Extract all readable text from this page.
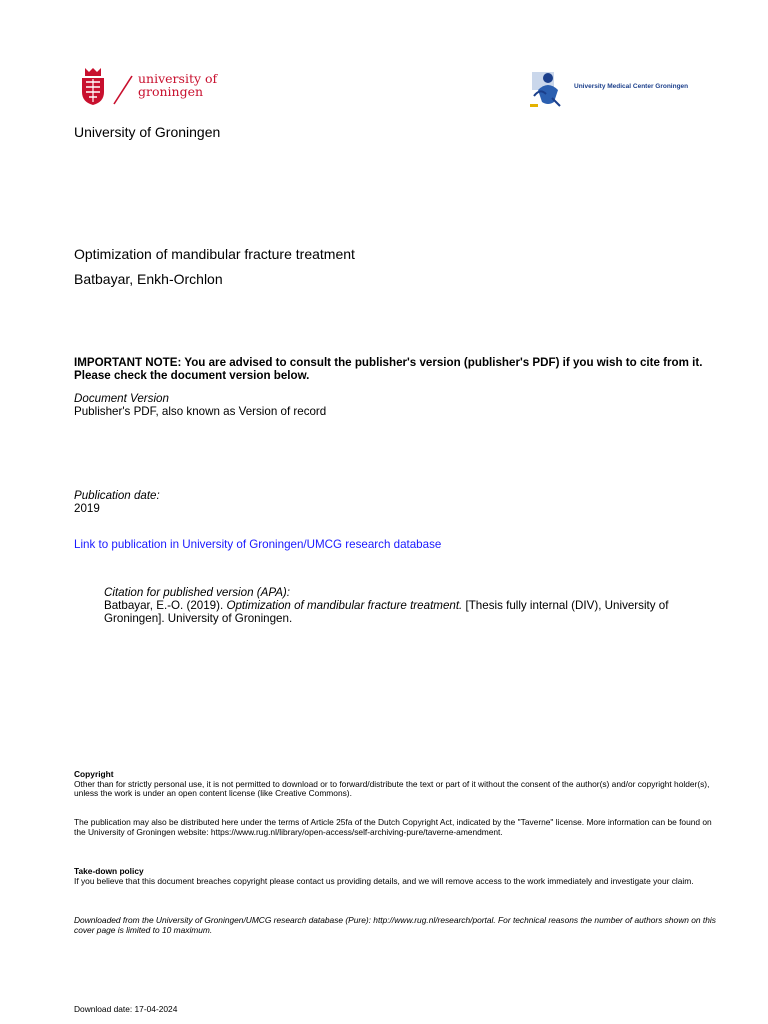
university of
groningen	University Medical Center Groningen
University of Groningen
Optimization of mandibular fracture treatment
Batbayar, Enkh-Orchlon
IMPORTANT NOTE: You are advised to consult the publisher's version (publisher's PDF) if you wish to cite from it. Please check the document version below.
Document Version
Publisher's PDF, also known as Version of record
Publication date:
2019
Link to publication in University of Groningen/UMCG research database
Citation for published version (APA):
Batbayar, E.-O. (2019). Optimization of mandibular fracture treatment. [Thesis fully internal (DIV), University of Groningen]. University of Groningen.
Copyright
Other than for strictly personal use, it is not permitted to download or to forward/distribute the text or part of it without the consent of the author(s) and/or copyright holder(s), unless the work is under an open content license (like Creative Commons).
The publication may also be distributed here under the terms of Article 25fa of the Dutch Copyright Act, indicated by the "Taverne" license. More information can be found on the University of Groningen website: https://www.rug.nl/library/open-access/self-archiving-pure/taverne-amendment.
Take-down policy
If you believe that this document breaches copyright please contact us providing details, and we will remove access to the work immediately and investigate your claim.
Downloaded from the University of Groningen/UMCG research database (Pure): http://www.rug.nl/research/portal. For technical reasons the number of authors shown on this cover page is limited to 10 maximum.
Download date: 17-04-2024
